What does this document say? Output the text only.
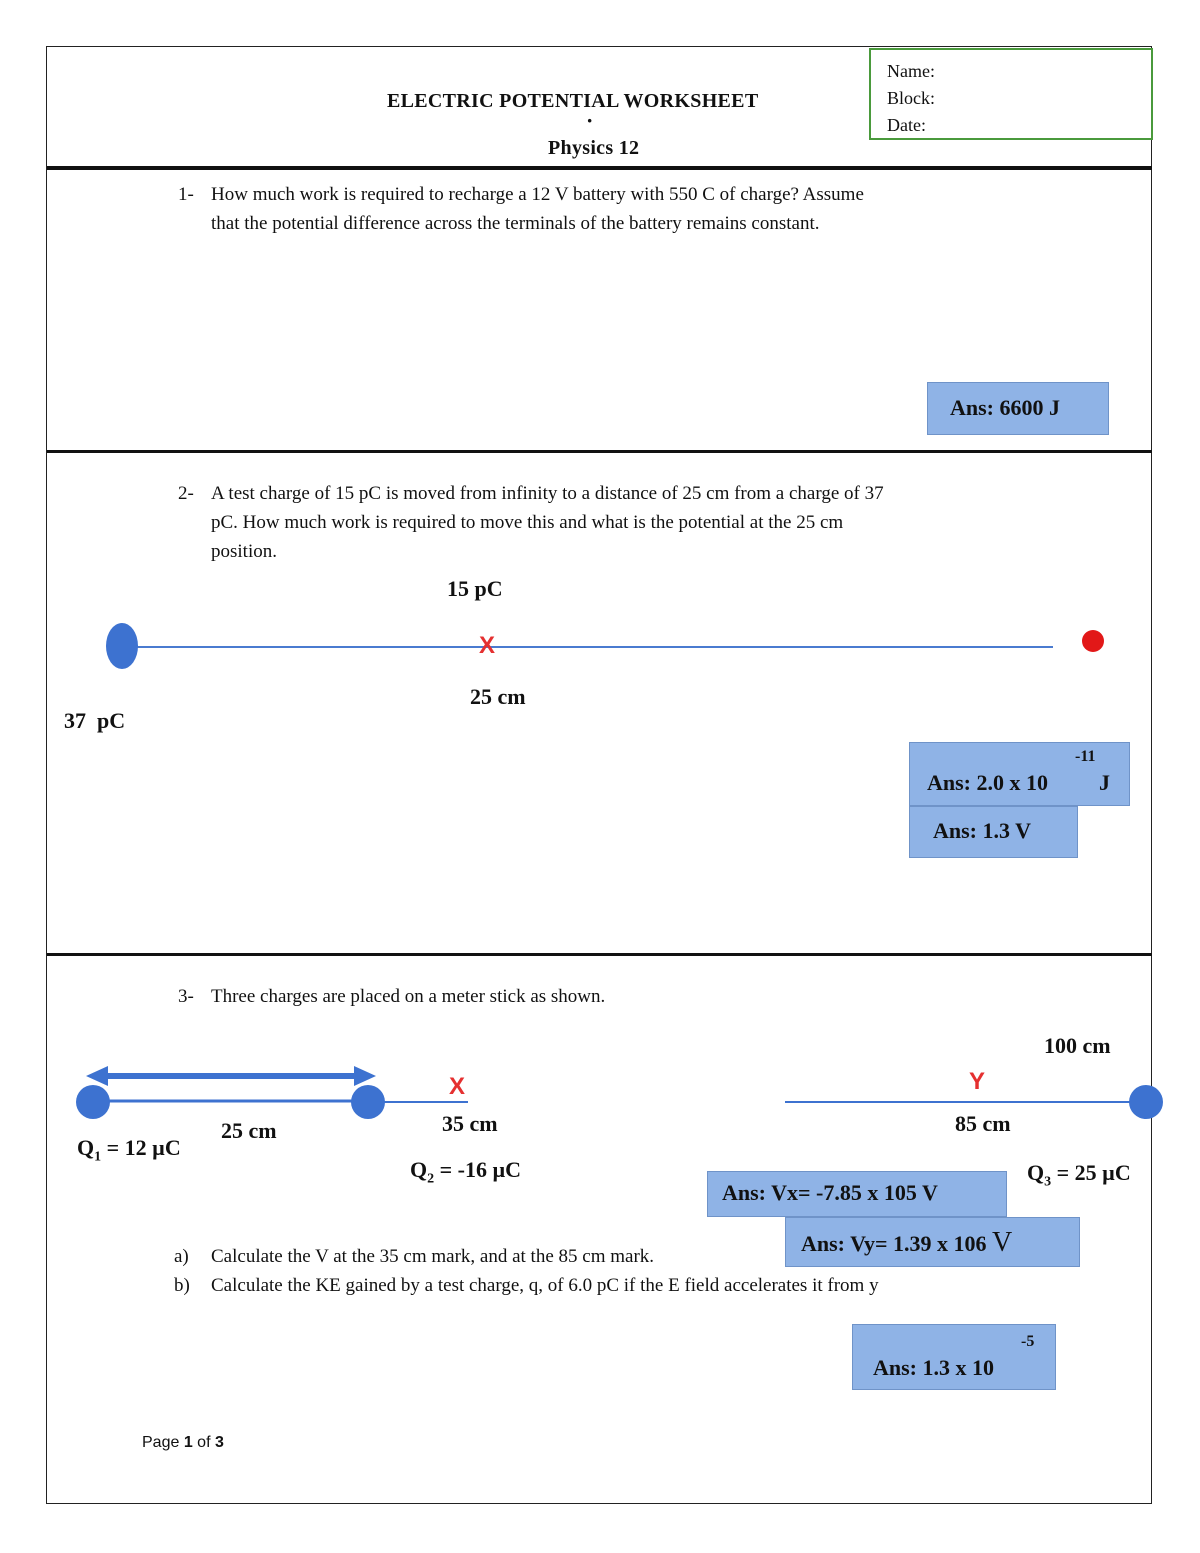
ELECTRIC POTENTIAL WORKSHEET
·
Physics 12
Name:
Block:
Date:
1- How much work is required to recharge a 12 V battery with 550 C of charge? Assume
that the potential difference across the terminals of the battery remains constant.
Ans: 6600 J
2- A test charge of 15 pC is moved from infinity to a distance of 25 cm from a charge of 37
pC. How much work is required to move this and what is the potential at the 25 cm
position.
15 pC
X
25 cm
37  pC
Ans: 2.0 x 10
-11
J
Ans: 1.3 V
3- Three charges are placed on a meter stick as shown.
100 cm
X	Y
25 cm	35 cm	85 cm
$Q_1 = 12$ µC
$Q_2 = -16$ µC	$Q_3 = 25$ µC
Ans: Vx= -7.85 x 105 V
Ans: Vy= 1.39 x 106 V
a) Calculate the V at the 35 cm mark, and at the 85 cm mark.
b) Calculate the KE gained by a test charge, q, of 6.0 pC if the E field accelerates it from y
Ans: 1.3 x 10
-5
Page 1 of 3
